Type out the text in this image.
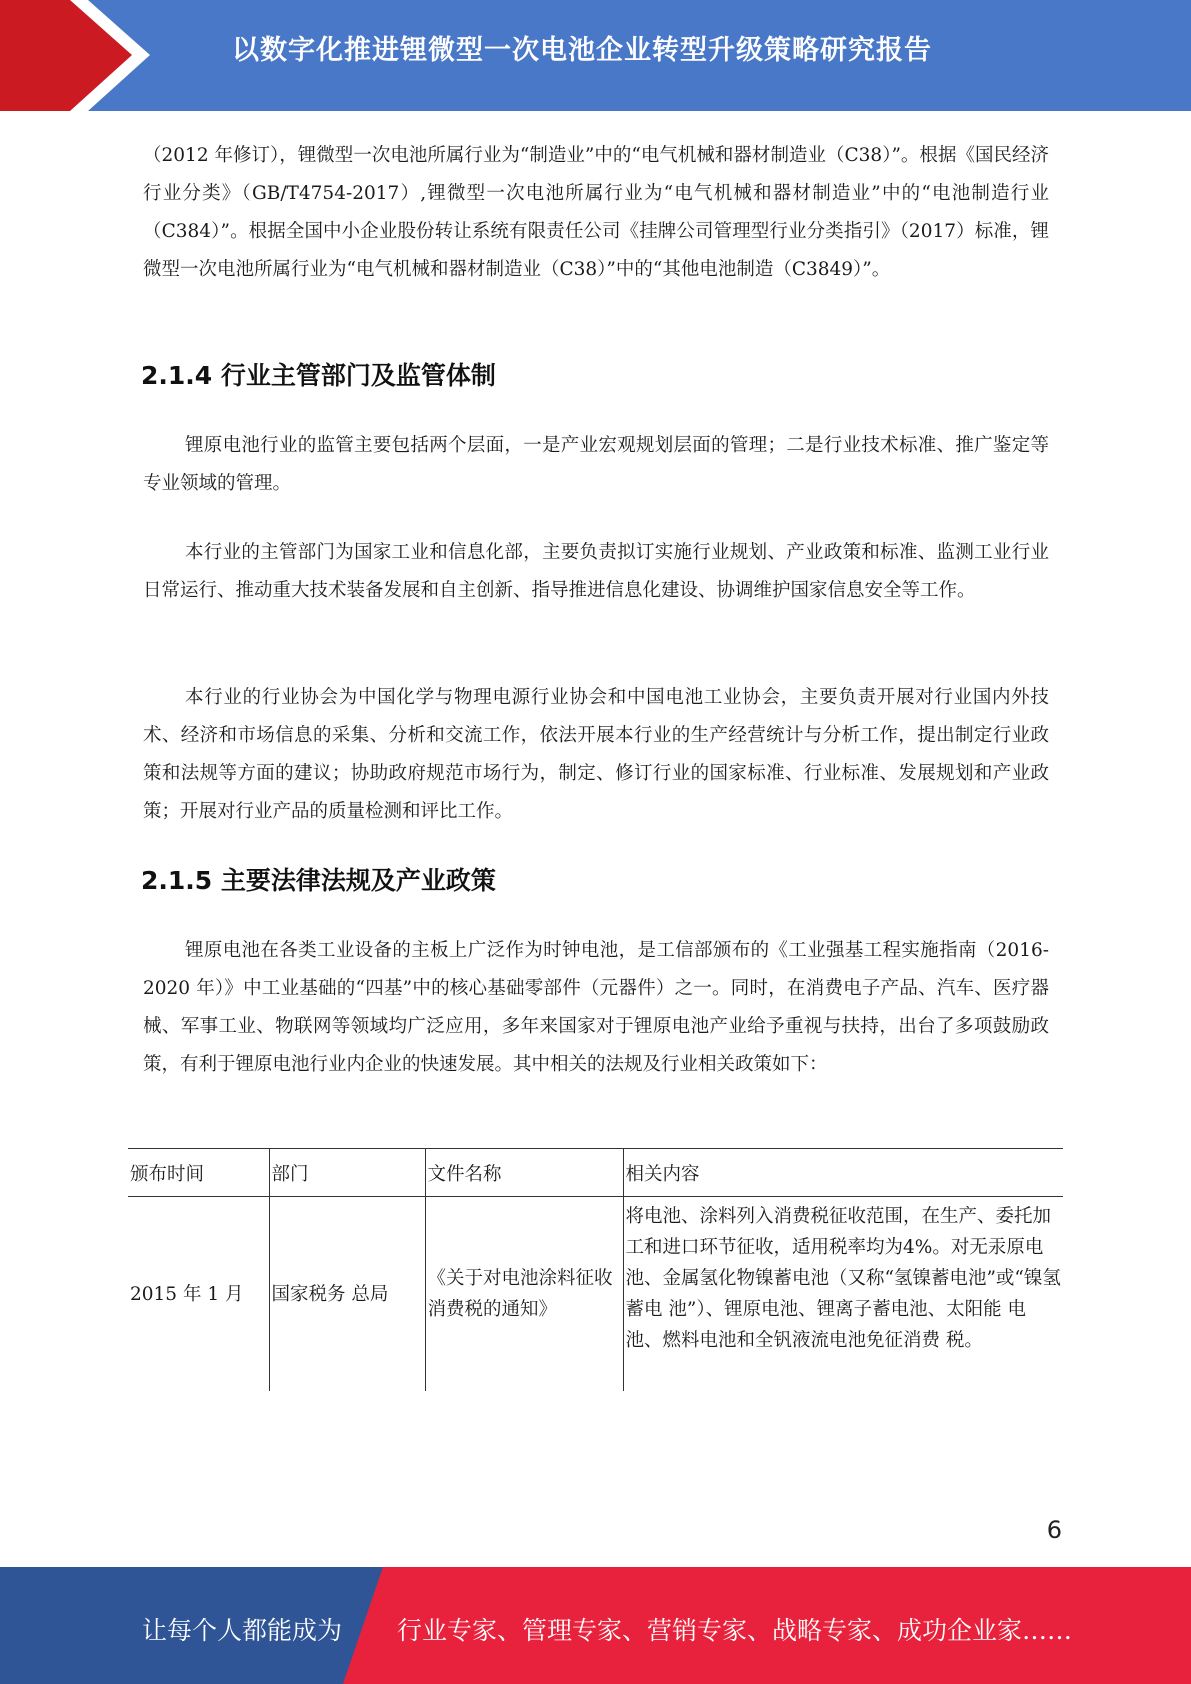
以数字化推进锂微型一次电池企业转型升级策略研究报告

（2012 年修订），锂微型一次电池所属行业为“制造业”中的“电气机械和器材制造业（C38）”。根据《国民经济行业分类》（GB/T4754-2017）,锂微型一次电池所属行业为“电气机械和器材制造业”中的“电池制造行业（C384）”。根据全国中小企业股份转让系统有限责任公司《挂牌公司管理型行业分类指引》（2017）标准，锂微型一次电池所属行业为“电气机械和器材制造业（C38）”中的“其他电池制造（C3849）”。

2.1.4 行业主管部门及监管体制

锂原电池行业的监管主要包括两个层面，一是产业宏观规划层面的管理；二是行业技术标准、推广鉴定等专业领域的管理。

本行业的主管部门为国家工业和信息化部，主要负责拟订实施行业规划、产业政策和标准、监测工业行业日常运行、推动重大技术装备发展和自主创新、指导推进信息化建设、协调维护国家信息安全等工作。

本行业的行业协会为中国化学与物理电源行业协会和中国电池工业协会，主要负责开展对行业国内外技术、经济和市场信息的采集、分析和交流工作，依法开展本行业的生产经营统计与分析工作，提出制定行业政策和法规等方面的建议；协助政府规范市场行为，制定、修订行业的国家标准、行业标准、发展规划和产业政策；开展对行业产品的质量检测和评比工作。

2.1.5 主要法律法规及产业政策

锂原电池在各类工业设备的主板上广泛作为时钟电池，是工信部颁布的《工业强基工程实施指南（2016-2020 年）》中工业基础的“四基”中的核心基础零部件（元器件）之一。同时，在消费电子产品、汽车、医疗器械、军事工业、物联网等领域均广泛应用，多年来国家对于锂原电池产业给予重视与扶持，出台了多项鼓励政策，有利于锂原电池行业内企业的快速发展。其中相关的法规及行业相关政策如下：

颁布时间	部门	文件名称	相关内容
2015 年 1 月	国家税务 总局	《关于对电池涂料征收消费税的通知》	将电池、涂料列入消费税征收范围，在生产、委托加工和进口环节征收，适用税率均为4%。对无汞原电池、金属氢化物镍蓄电池（又称“氢镍蓄电池”或“镍氢蓄电 池”）、锂原电池、锂离子蓄电池、太阳能 电池、燃料电池和全钒液流电池免征消费 税。
6
让每个人都能成为 行业专家、管理专家、营销专家、战略专家、成功企业家……
